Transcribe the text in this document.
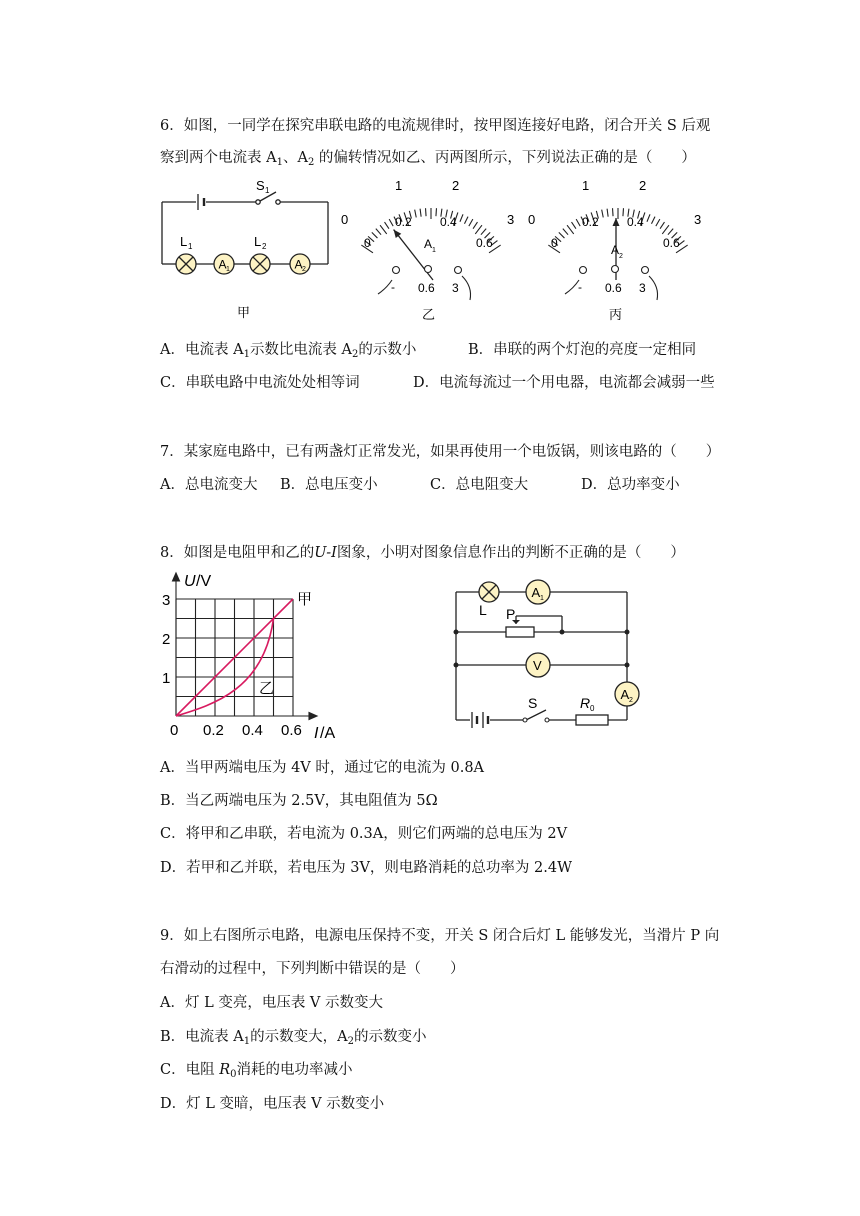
6．如图，一同学在探究串联电路的电流规律时，按甲图连接好电路，闭合开关 S 后观
察到两个电流表 $A_1$、$A_2$ 的偏转情况如乙、丙两图所示，下列说法正确的是（　　）
A 1	A 2
S 1
L 1	L 2
甲
0
1	2
3
0
0.2 0.4
0.6
A 1
- 0.6 3
乙
0
1	2
3
0
0.2 0.4
0.6
A 2
- 0.6 3
丙
A．电流表 $A_1$示数比电流表 $A_2$的示数小	B．串联的两个灯泡的亮度一定相同
C．串联电路中电流处处相等词	D．电流每流过一个用电器，电流都会减弱一些
7．某家庭电路中，已有两盏灯正常发光，如果再使用一个电饭锅，则该电路的（　　）
A．总电流变大 B．总电压变小	C．总电阻变大	D．总功率变小
8．如图是电阻甲和乙的U-I图象，小明对图象信息作出的判断不正确的是（　　）
1
2
3
0 0.2 0.4 0.6
U /V
I /A
甲
乙
A 1
V
A 2
L P
S	R 0
A．当甲两端电压为 4V 时，通过它的电流为 0.8A
B．当乙两端电压为 2.5V，其电阻值为 5Ω
C．将甲和乙串联，若电流为 0.3A，则它们两端的总电压为 2V
D．若甲和乙并联，若电压为 3V，则电路消耗的总功率为 2.4W
9．如上右图所示电路，电源电压保持不变，开关 S 闭合后灯 L 能够发光，当滑片 P 向
右滑动的过程中，下列判断中错误的是（　　）
A．灯 L 变亮，电压表 V 示数变大
B．电流表 $A_1$的示数变大，$A_2$的示数变小
C．电阻 $R_0$消耗的电功率减小
D．灯 L 变暗，电压表 V 示数变小
